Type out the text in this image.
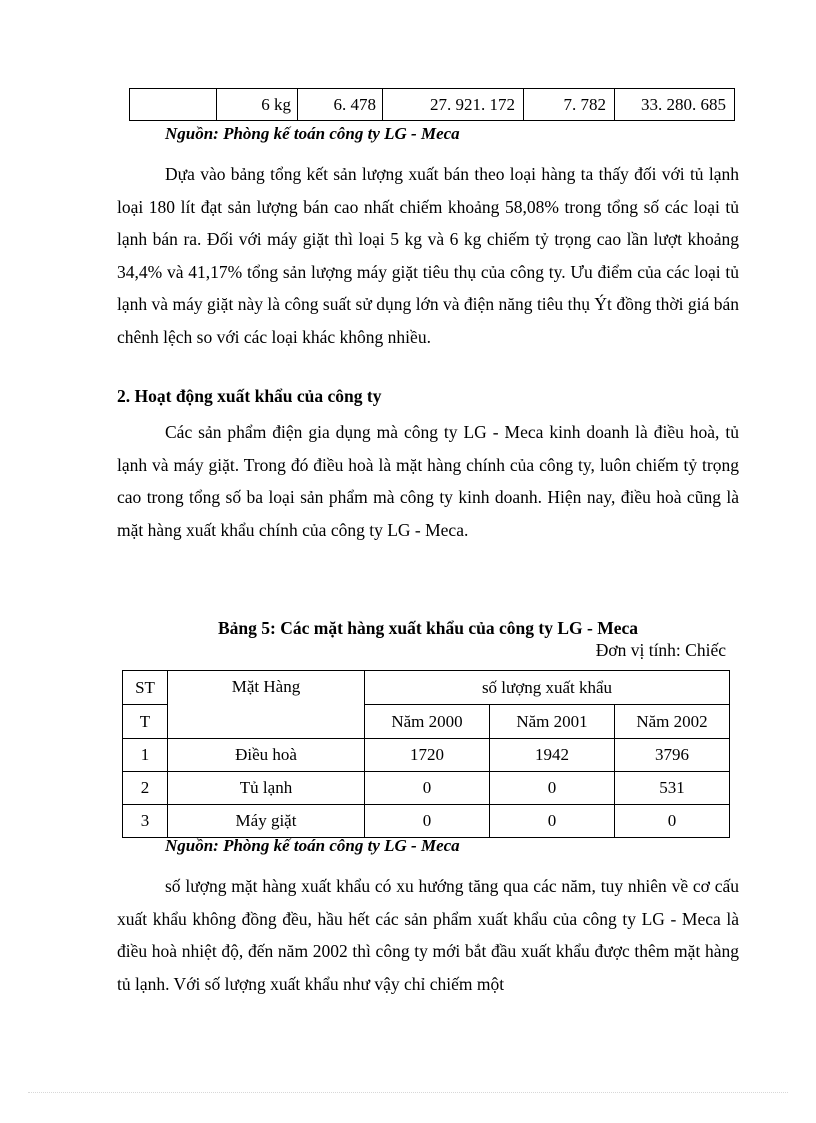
	6 kg	6. 478	27. 921. 172	7. 782	33. 280. 685
Nguồn: Phòng kế toán công ty LG - Meca

Dựa vào bảng tổng kết sản lượng xuất bán theo loại hàng ta thấy đối với tủ lạnh loại 180 lít đạt sản lượng bán cao nhất chiếm khoảng 58,08% trong tổng số các loại tủ lạnh bán ra. Đối với máy giặt thì loại 5 kg và 6 kg chiếm tỷ trọng cao lần lượt khoảng 34,4% và 41,17% tổng sản lượng máy giặt tiêu thụ của công ty. Ưu điểm của các loại tủ lạnh và máy giặt này là công suất sử dụng lớn và điện năng tiêu thụ Ýt đồng thời giá bán chênh lệch so với các loại khác không nhiều.

2. Hoạt động xuất khẩu của công ty

Các sản phẩm điện gia dụng mà công ty LG - Meca kinh doanh là điều hoà, tủ lạnh và máy giặt. Trong đó điều hoà là mặt hàng chính của công ty, luôn chiếm tỷ trọng cao trong tổng số ba loại sản phẩm mà công ty kinh doanh. Hiện nay, điều hoà cũng là mặt hàng xuất khẩu chính của công ty LG - Meca.

Bảng 5: Các mặt hàng xuất khẩu của công ty LG - Meca
Đơn vị tính: Chiếc
ST	Mặt Hàng	số lượng xuất khẩu		
T		Năm 2000	Năm 2001	Năm 2002
1	Điều hoà	1720	1942	3796
2	Tủ lạnh	0	0	531
3	Máy giặt	0	0	0
Nguồn: Phòng kế toán công ty LG - Meca

số lượng mặt hàng xuất khẩu có xu hướng tăng qua các năm, tuy nhiên về cơ cấu xuất khẩu không đồng đều, hầu hết các sản phẩm xuất khẩu của công ty LG - Meca là điều hoà nhiệt độ, đến năm 2002 thì công ty mới bắt đầu xuất khẩu được thêm mặt hàng tủ lạnh. Với số lượng xuất khẩu như vậy chỉ chiếm một
